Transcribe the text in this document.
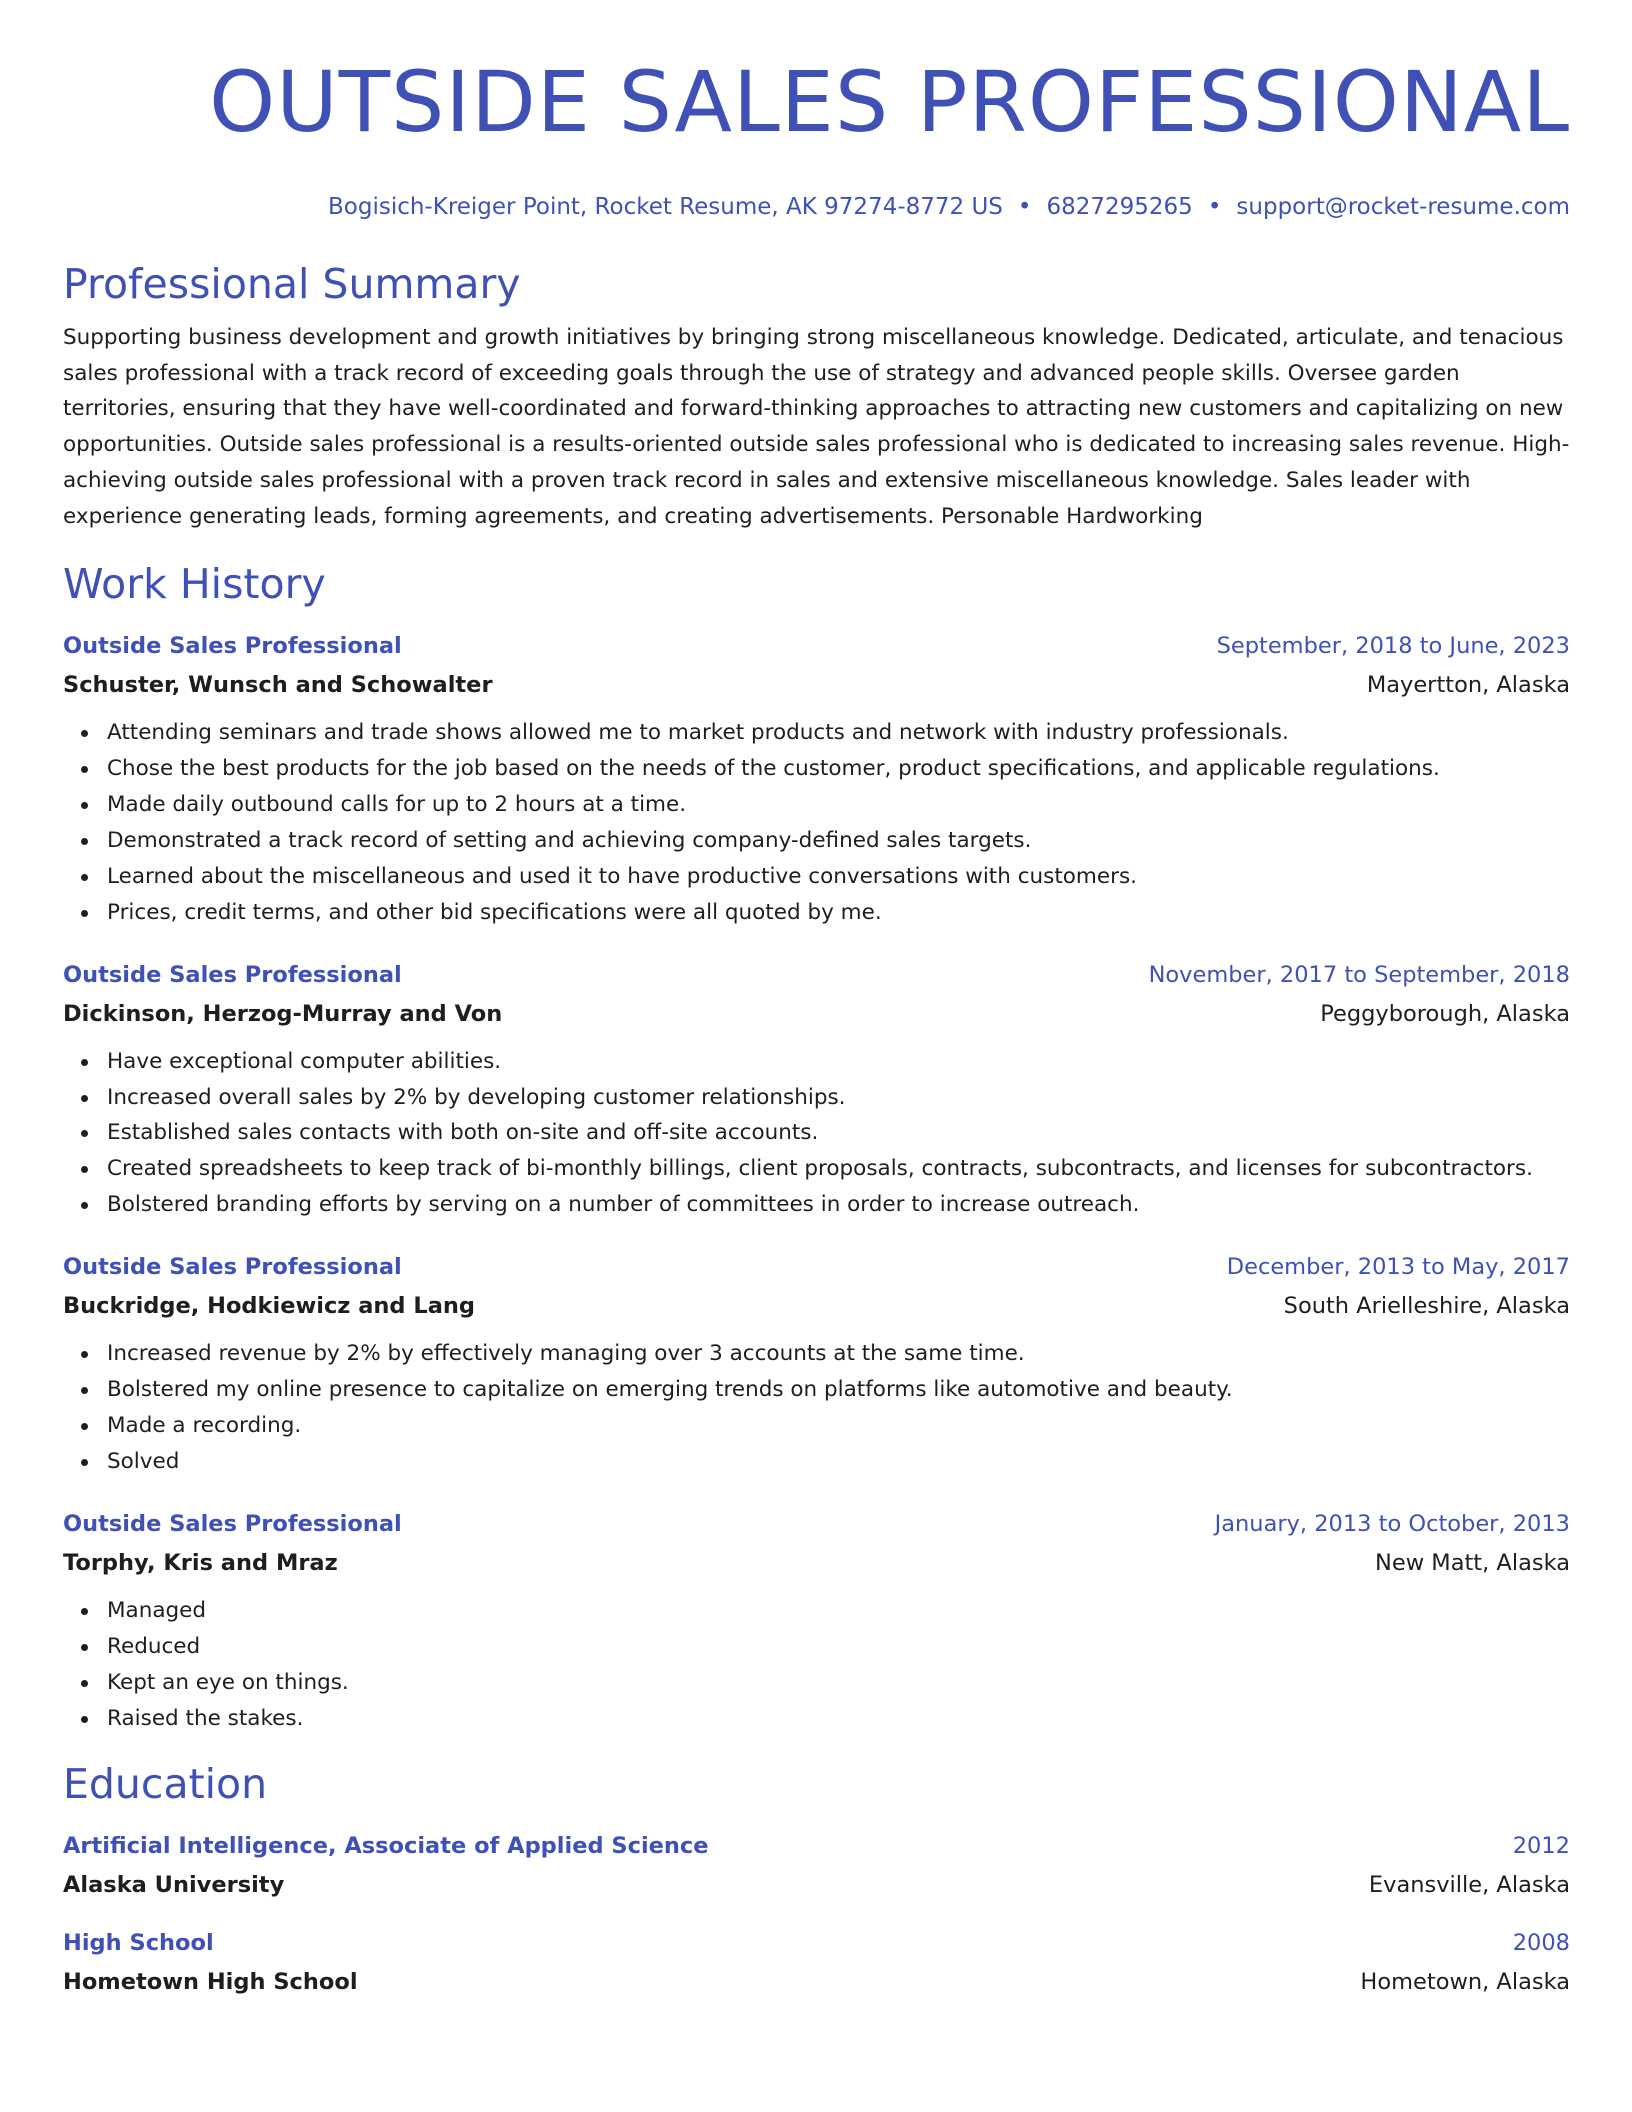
OUTSIDE SALES PROFESSIONAL
Bogisich-Kreiger Point, Rocket Resume, AK 97274-8772 US • 6827295265 • support@rocket-resume.com
Professional Summary
Supporting business development and growth initiatives by bringing strong miscellaneous knowledge. Dedicated, articulate, and tenacious sales professional with a track record of exceeding goals through the use of strategy and advanced people skills. Oversee garden territories, ensuring that they have well-coordinated and forward-thinking approaches to attracting new customers and capitalizing on new opportunities. Outside sales professional is a results-oriented outside sales professional who is dedicated to increasing sales revenue. High-achieving outside sales professional with a proven track record in sales and extensive miscellaneous knowledge. Sales leader with experience generating leads, forming agreements, and creating advertisements. Personable Hardworking
Work History
Outside Sales Professional	September, 2018 to June, 2023
Schuster, Wunsch and Schowalter	Mayertton, Alaska
Attending seminars and trade shows allowed me to market products and network with industry professionals.
Chose the best products for the job based on the needs of the customer, product specifications, and applicable regulations.
Made daily outbound calls for up to 2 hours at a time.
Demonstrated a track record of setting and achieving company-defined sales targets.
Learned about the miscellaneous and used it to have productive conversations with customers.
Prices, credit terms, and other bid specifications were all quoted by me.
Outside Sales Professional	November, 2017 to September, 2018
Dickinson, Herzog-Murray and Von	Peggyborough, Alaska
Have exceptional computer abilities.
Increased overall sales by 2% by developing customer relationships.
Established sales contacts with both on-site and off-site accounts.
Created spreadsheets to keep track of bi-monthly billings, client proposals, contracts, subcontracts, and licenses for subcontractors.
Bolstered branding efforts by serving on a number of committees in order to increase outreach.
Outside Sales Professional	December, 2013 to May, 2017
Buckridge, Hodkiewicz and Lang	South Arielleshire, Alaska
Increased revenue by 2% by effectively managing over 3 accounts at the same time.
Bolstered my online presence to capitalize on emerging trends on platforms like automotive and beauty.
Made a recording.
Solved
Outside Sales Professional	January, 2013 to October, 2013
Torphy, Kris and Mraz	New Matt, Alaska
Managed
Reduced
Kept an eye on things.
Raised the stakes.
Education
Artificial Intelligence, Associate of Applied Science	2012
Alaska University	Evansville, Alaska
High School	2008
Hometown High School	Hometown, Alaska
